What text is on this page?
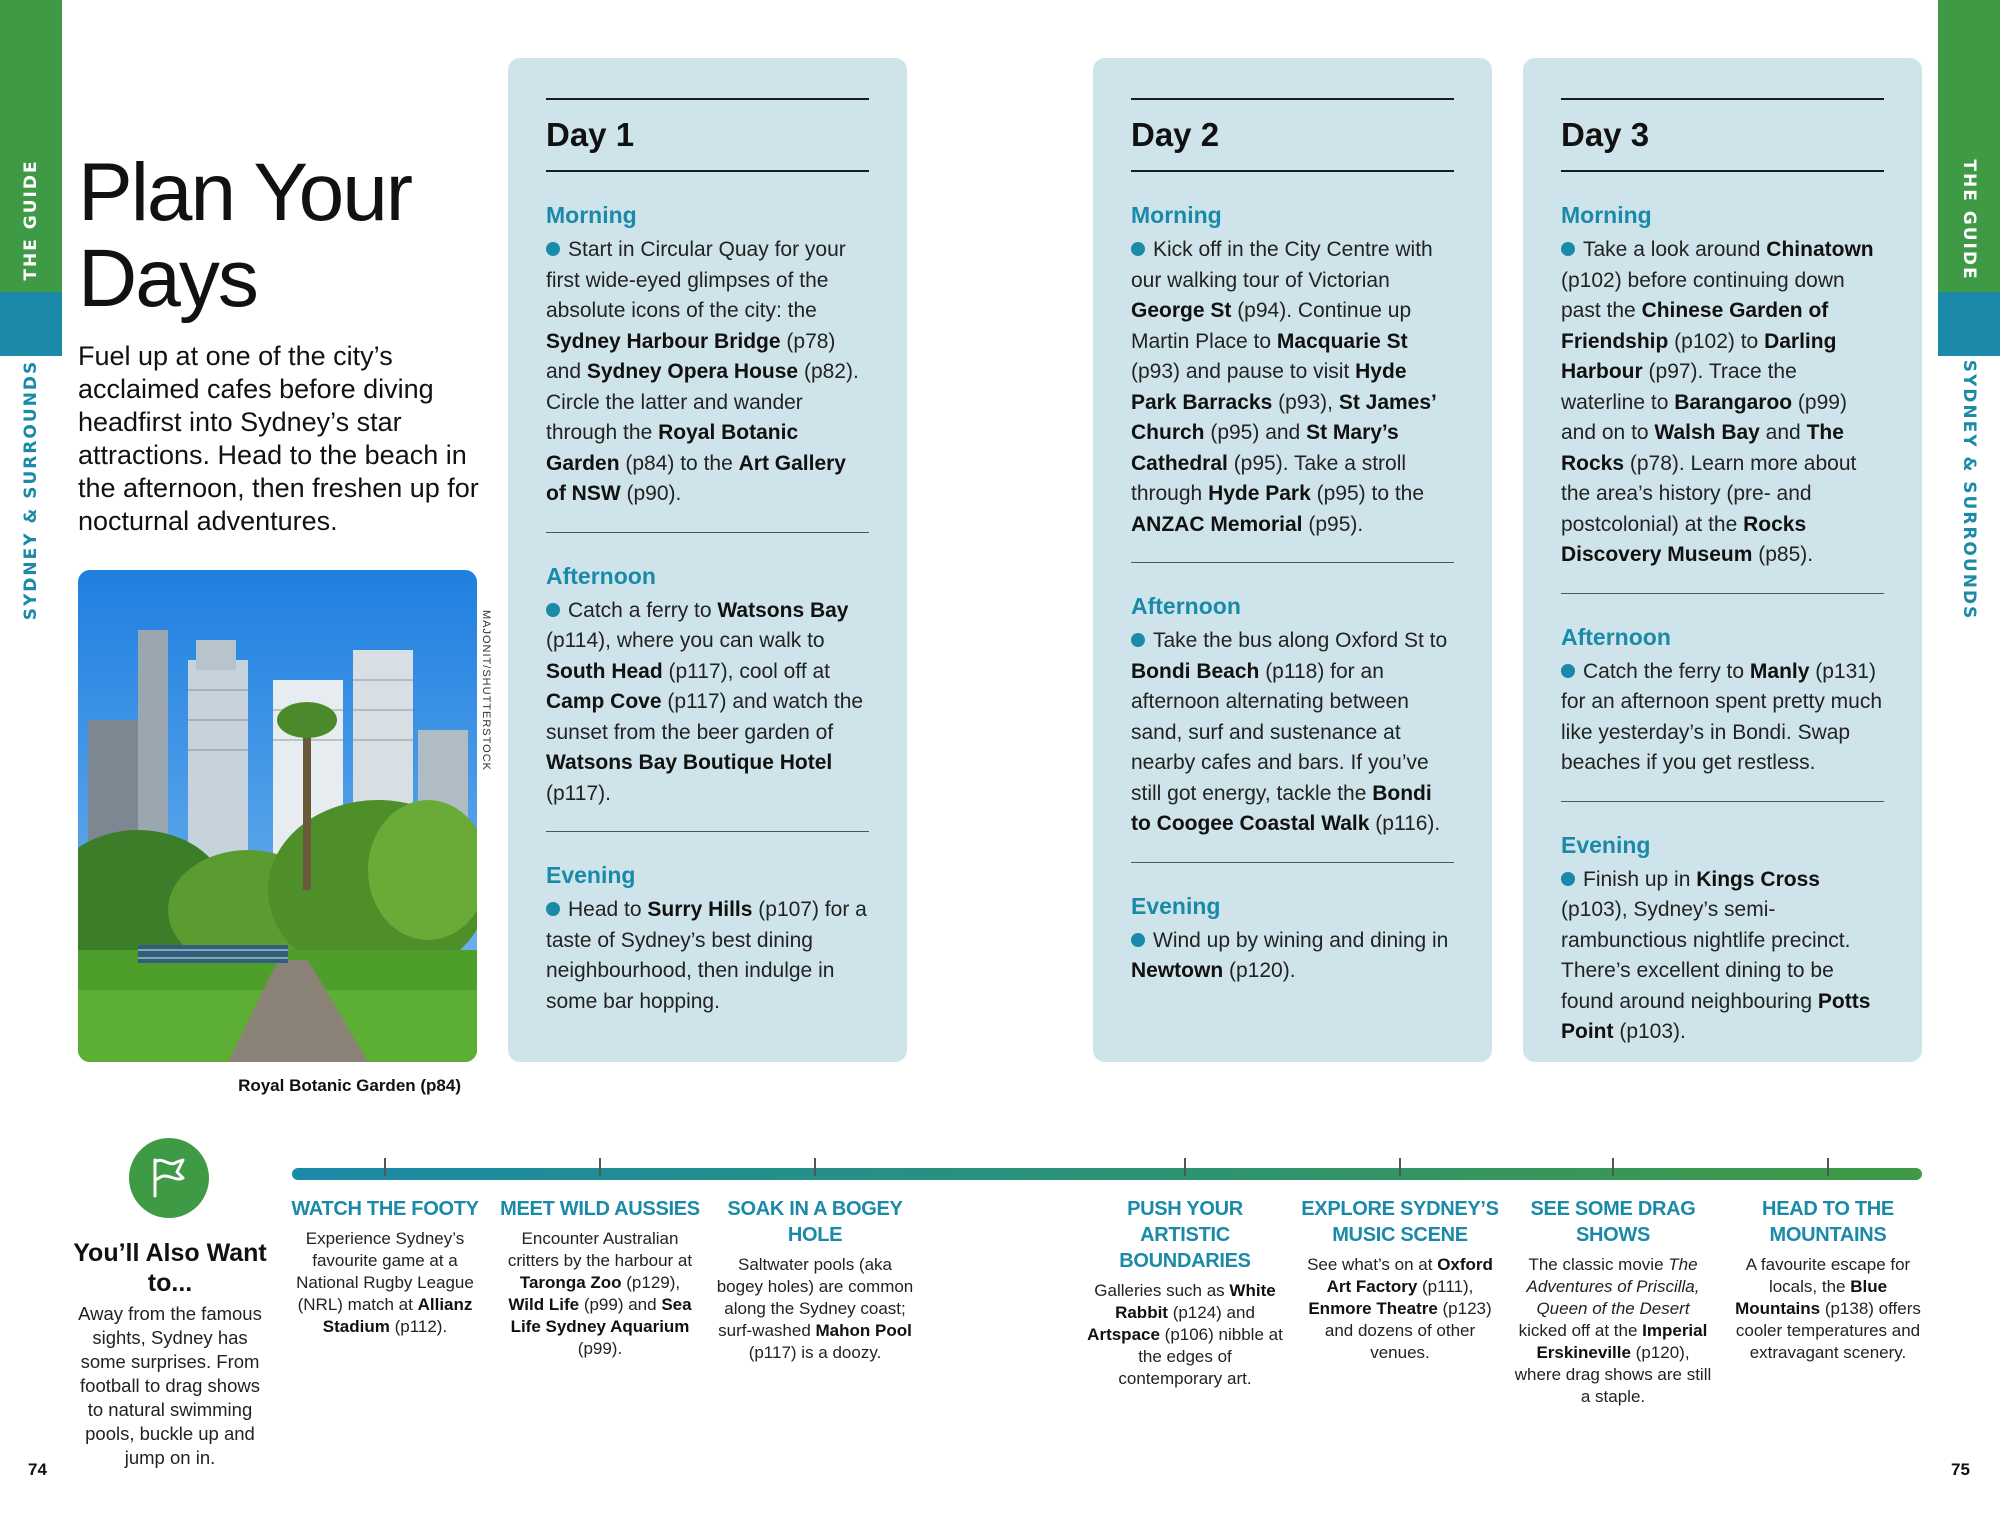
THE GUIDE
SYDNEY & SURROUNDS
THE GUIDE
SYDNEY & SURROUNDS
Plan Your
Days

Fuel up at one of the city’s acclaimed cafes before diving headfirst into Sydney’s star attractions. Head to the beach in the afternoon, then freshen up for nocturnal adventures.

MAJONIT/SHUTTERSTOCK
Royal Botanic Garden (p84)
Day 1
Morning
Start in Circular Quay for your first wide-eyed glimpses of the absolute icons of the city: the Sydney Harbour Bridge (p78) and Sydney Opera House (p82). Circle the latter and wander through the Royal Botanic Garden (p84) to the Art Gallery of NSW (p90).
Afternoon
Catch a ferry to Watsons Bay (p114), where you can walk to South Head (p117), cool off at Camp Cove (p117) and watch the sunset from the beer garden of Watsons Bay Boutique Hotel (p117).
Evening
Head to Surry Hills (p107) for a taste of Sydney’s best dining neighbourhood, then indulge in some bar hopping.
Day 2
Morning
Kick off in the City Centre with our walking tour of Victorian George St (p94). Continue up Martin Place to Macquarie St (p93) and pause to visit Hyde Park Barracks (p93), St James’ Church (p95) and St Mary’s Cathedral (p95). Take a stroll through Hyde Park (p95) to the ANZAC Memorial (p95).
Afternoon
Take the bus along Oxford St to Bondi Beach (p118) for an afternoon alternating between sand, surf and sustenance at nearby cafes and bars. If you’ve still got energy, tackle the Bondi to Coogee Coastal Walk (p116).
Evening
Wind up by wining and dining in Newtown (p120).
Day 3
Morning
Take a look around Chinatown (p102) before continuing down past the Chinese Garden of Friendship (p102) to Darling Harbour (p97). Trace the waterline to Barangaroo (p99) and on to Walsh Bay and The Rocks (p78). Learn more about the area’s history (pre- and postcolonial) at the Rocks Discovery Museum (p85).
Afternoon
Catch the ferry to Manly (p131) for an afternoon spent pretty much like yesterday’s in Bondi. Swap beaches if you get restless.
Evening
Finish up in Kings Cross (p103), Sydney’s semi-rambunctious nightlife precinct. There’s excellent dining to be found around neighbouring Potts Point (p103).
You’ll Also Want to...

Away from the famous sights, Sydney has some surprises. From football to drag shows to natural swimming pools, buckle up and jump on in.

WATCH THE FOOTY
Experience Sydney’s favourite game at a National Rugby League (NRL) match at Allianz Stadium (p112).
MEET WILD AUSSIES
Encounter Australian critters by the harbour at Taronga Zoo (p129), Wild Life (p99) and Sea Life Sydney Aquarium (p99).
SOAK IN A BOGEY HOLE
Saltwater pools (aka bogey holes) are common along the Sydney coast; surf-washed Mahon Pool (p117) is a doozy.
PUSH YOUR ARTISTIC BOUNDARIES
Galleries such as White Rabbit (p124) and Artspace (p106) nibble at the edges of contemporary art.
EXPLORE SYDNEY’S MUSIC SCENE
See what’s on at Oxford Art Factory (p111), Enmore Theatre (p123) and dozens of other venues.
SEE SOME DRAG SHOWS
The classic movie The Adventures of Priscilla, Queen of the Desert kicked off at the Imperial Erskineville (p120), where drag shows are still a staple.
HEAD TO THE MOUNTAINS
A favourite escape for locals, the Blue Mountains (p138) offers cooler temperatures and extravagant scenery.
74	75
